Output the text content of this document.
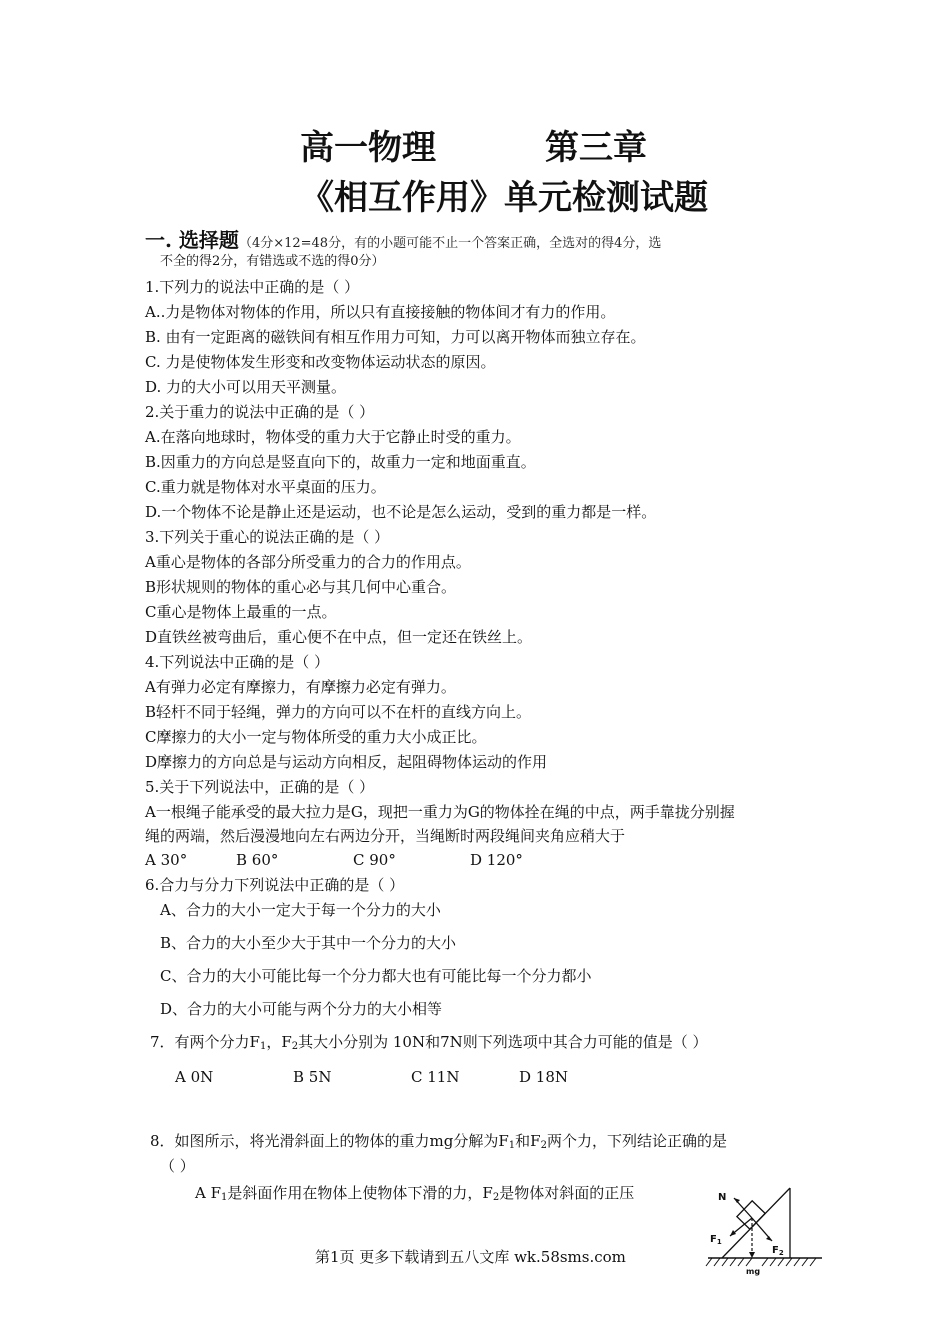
高一物理	第三章
《相互作用》单元检测试题
一. 选择题（4分×12=48分，有的小题可能不止一个答案正确，全选对的得4分，选
不全的得2分，有错选或不选的得0分）
1.下列力的说法中正确的是（ ）
A..力是物体对物体的作用，所以只有直接接触的物体间才有力的作用。
B. 由有一定距离的磁铁间有相互作用力可知，力可以离开物体而独立存在。
C. 力是使物体发生形变和改变物体运动状态的原因。
D. 力的大小可以用天平测量。
2.关于重力的说法中正确的是（ ）
A.在落向地球时，物体受的重力大于它静止时受的重力。
B.因重力的方向总是竖直向下的，故重力一定和地面重直。
C.重力就是物体对水平桌面的压力。
D.一个物体不论是静止还是运动，也不论是怎么运动，受到的重力都是一样。
3.下列关于重心的说法正确的是（ ）
A重心是物体的各部分所受重力的合力的作用点。
B形状规则的物体的重心必与其几何中心重合。
C重心是物体上最重的一点。
D直铁丝被弯曲后，重心便不在中点，但一定还在铁丝上。
4.下列说法中正确的是（ ）
A有弹力必定有摩擦力，有摩擦力必定有弹力。
B轻杆不同于轻绳，弹力的方向可以不在杆的直线方向上。
C摩擦力的大小一定与物体所受的重力大小成正比。
D摩擦力的方向总是与运动方向相反，起阻碍物体运动的作用
5.关于下列说法中，正确的是（ ）
A一根绳子能承受的最大拉力是G，现把一重力为G的物体拴在绳的中点，两手靠拢分别握
绳的两端，然后漫漫地向左右两边分开，当绳断时两段绳间夹角应稍大于
A 30°	B 60°	C 90°	D 120°
6.合力与分力下列说法中正确的是（ ）
A、合力的大小一定大于每一个分力的大小
B、合力的大小至少大于其中一个分力的大小
C、合力的大小可能比每一个分力都大也有可能比每一个分力都小
D、合力的大小可能与两个分力的大小相等
7．有两个分力$F_1$，$F_2$其大小分别为 10N和7N则下列选项中其合力可能的值是（ ）
A 0N	B 5N	C 11N	D 18N
8．如图所示，将光滑斜面上的物体的重力mg分解为$F_1$和$F_2$两个力，下列结论正确的是
（ ）
A $F_1$是斜面作用在物体上使物体下滑的力，$F_2$是物体对斜面的正压	N
$F_1$
$F_2$
mg
第1页 更多下载请到五八文库 wk.58sms.com
